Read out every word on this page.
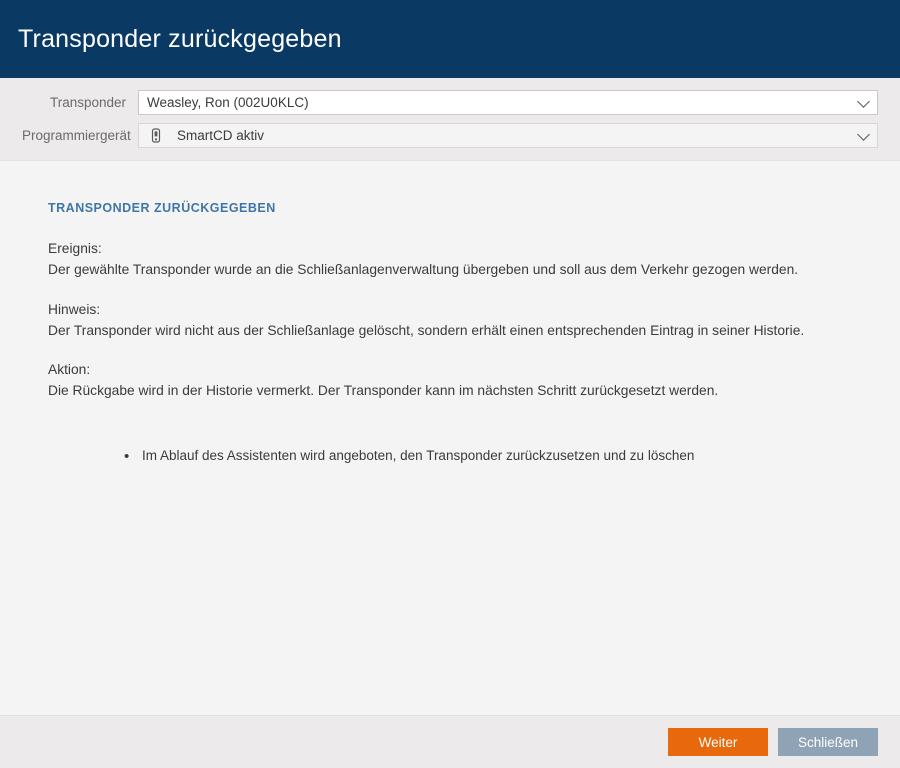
Transponder zurückgegeben
Transponder	Weasley, Ron (002U0KLC)
Programmiergerät	SmartCD aktiv
TRANSPONDER ZURÜCKGEGEBEN
Ereignis:
Der gewählte Transponder wurde an die Schließanlagenverwaltung übergeben und soll aus dem Verkehr gezogen werden.
Hinweis:
Der Transponder wird nicht aus der Schließanlage gelöscht, sondern erhält einen entsprechenden Eintrag in seiner Historie.
Aktion:
Die Rückgabe wird in der Historie vermerkt. Der Transponder kann im nächsten Schritt zurückgesetzt werden.
• Im Ablauf des Assistenten wird angeboten, den Transponder zurückzusetzen und zu löschen
Weiter	Schließen
